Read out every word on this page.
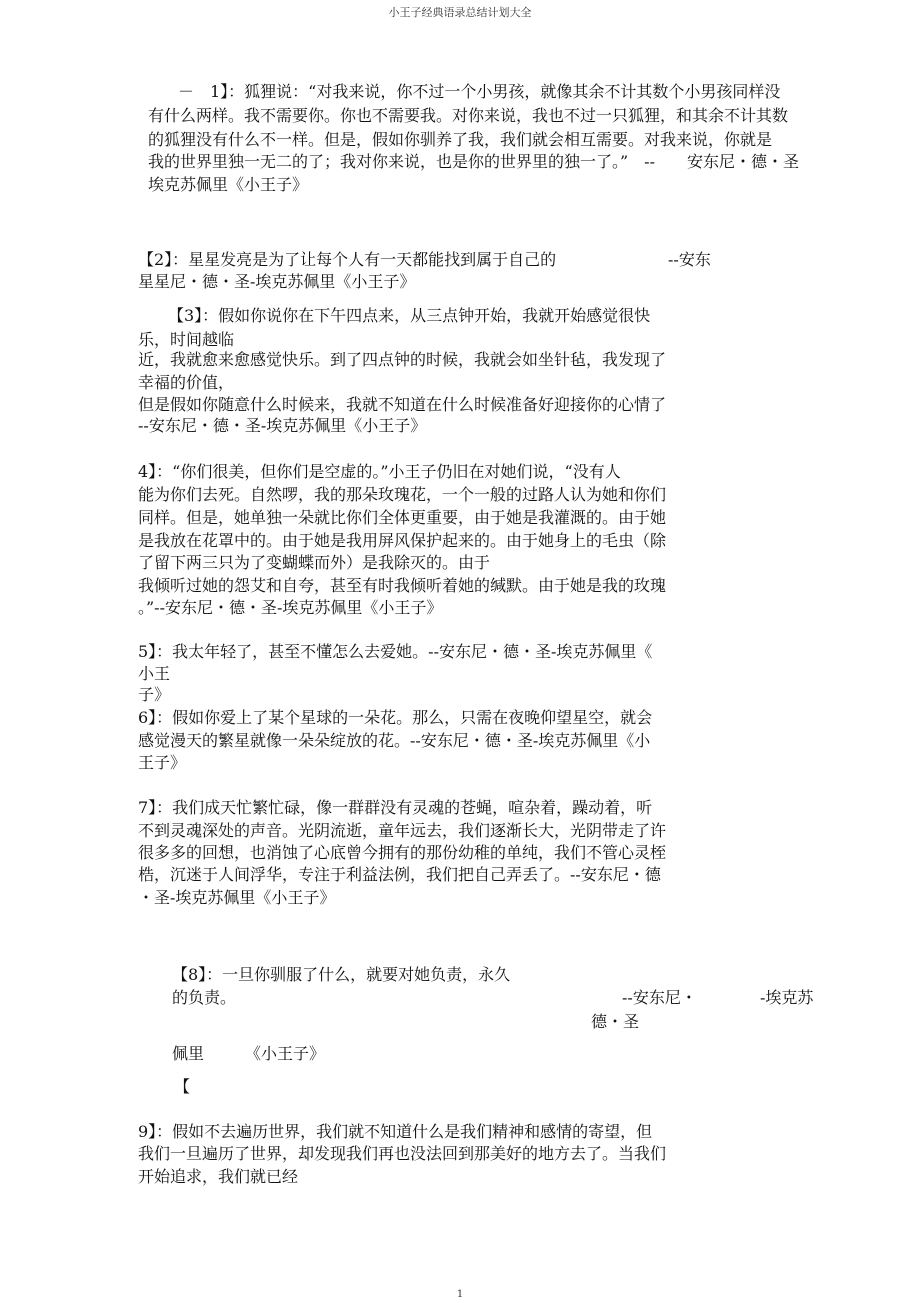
小王子经典语录总结计划大全
－　1】：狐狸说：“对我来说，你不过一个小男孩，就像其余不计其数个小男孩同样没
有什么两样。我不需要你。你也不需要我。对你来说，我也不过一只狐狸，和其余不计其数
的狐狸没有什么不一样。但是，假如你驯养了我，我们就会相互需要。对我来说，你就是
我的世界里独一无二的了；我对你来说，也是你的世界里的独一了。”　--　　安东尼・德・圣
埃克苏佩里《小王子》
【2】：星星发亮是为了让每个人有一天都能找到属于自己的	--安东
星星尼・德・圣-埃克苏佩里《小王子》
【3】：假如你说你在下午四点来，从三点钟开始，我就开始感觉很快
乐，时间越临
近，我就愈来愈感觉快乐。到了四点钟的时候，我就会如坐针毡，我发现了
幸福的价值，
但是假如你随意什么时候来，我就不知道在什么时候准备好迎接你的心情了
--安东尼・德・圣-埃克苏佩里《小王子》
4】：“你们很美，但你们是空虚的。”小王子仍旧在对她们说，“没有人
能为你们去死。自然啰，我的那朵玫瑰花，一个一般的过路人认为她和你们
同样。但是，她单独一朵就比你们全体更重要，由于她是我灌溉的。由于她
是我放在花罩中的。由于她是我用屏风保护起来的。由于她身上的毛虫（除
了留下两三只为了变蝴蝶而外）是我除灭的。由于
我倾听过她的怨艾和自夸，甚至有时我倾听着她的缄默。由于她是我的玫瑰
。”--安东尼・德・圣-埃克苏佩里《小王子》
5】：我太年轻了，甚至不懂怎么去爱她。--安东尼・德・圣-埃克苏佩里《
小王
子》
6】：假如你爱上了某个星球的一朵花。那么，只需在夜晚仰望星空，就会
感觉漫天的繁星就像一朵朵绽放的花。--安东尼・德・圣-埃克苏佩里《小
王子》
7】：我们成天忙繁忙碌，像一群群没有灵魂的苍蝇，喧杂着，躁动着，听
不到灵魂深处的声音。光阴流逝，童年远去，我们逐渐长大，光阴带走了许
很多多的回想，也消蚀了心底曾今拥有的那份幼稚的单纯，我们不管心灵桎
梏，沉迷于人间浮华，专注于利益法例，我们把自己弄丢了。--安东尼・德
・圣-埃克苏佩里《小王子》
【8】：一旦你驯服了什么，就要对她负责，永久
的负责。	--安东尼・	-埃克苏
德・圣
佩里	《小王子》
【
9】：假如不去遍历世界，我们就不知道什么是我们精神和感情的寄望，但
我们一旦遍历了世界，却发现我们再也没法回到那美好的地方去了。当我们
开始追求，我们就已经
1
